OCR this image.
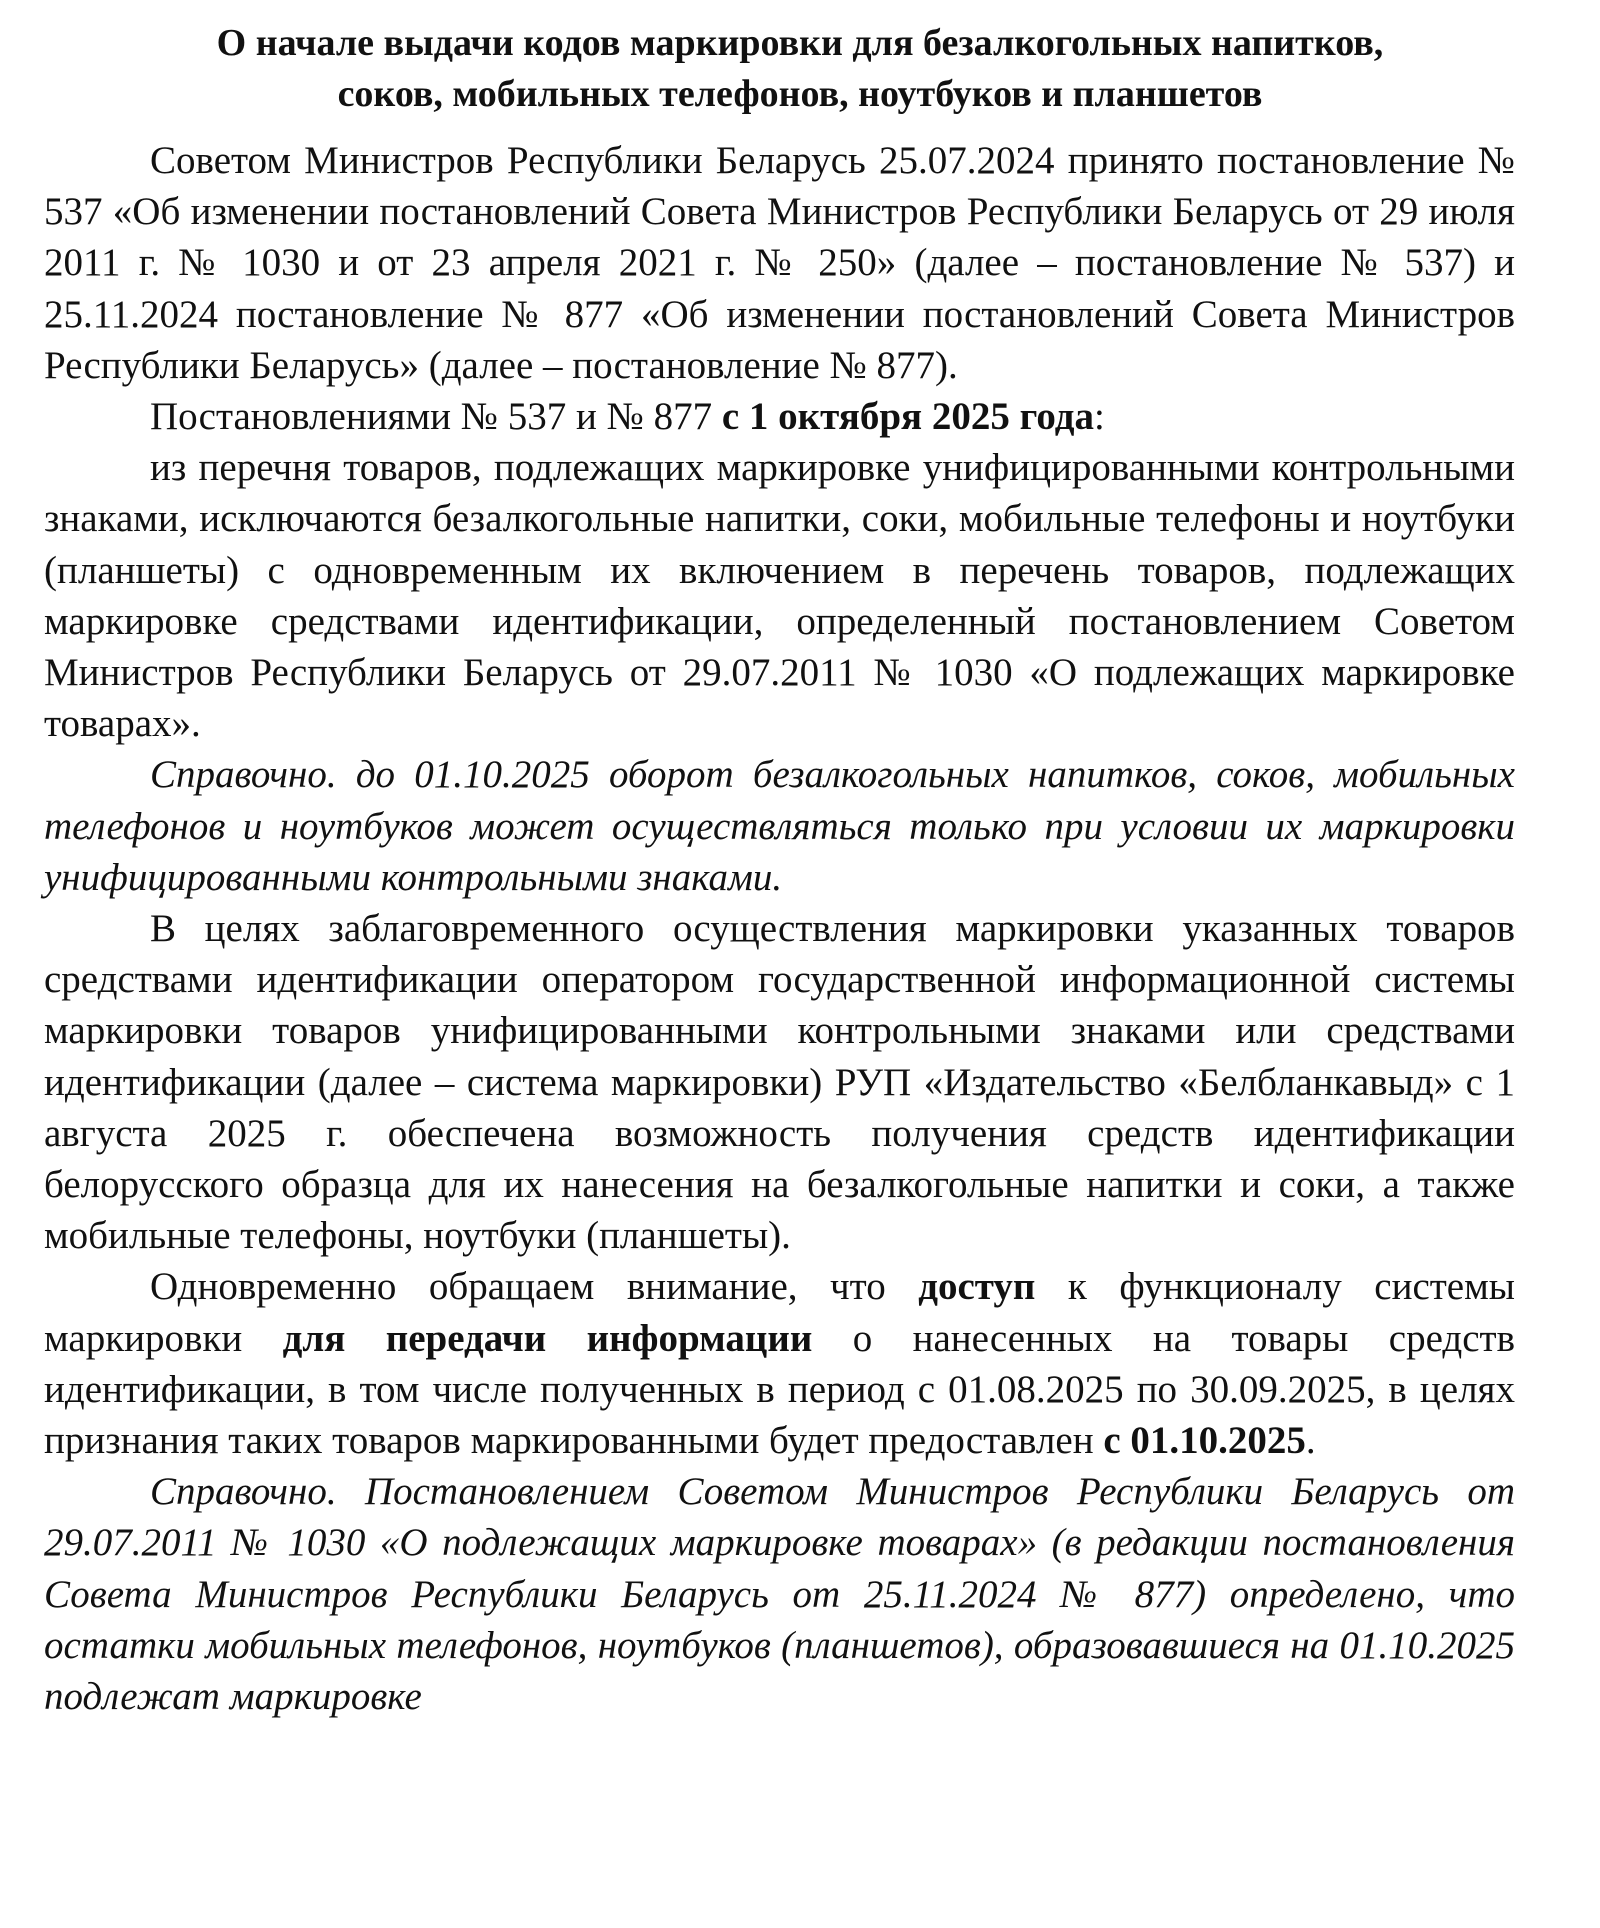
О начале выдачи кодов маркировки для безалкогольных напитков,
соков, мобильных телефонов, ноутбуков и планшетов

Советом Министров Республики Беларусь 25.07.2024 принято постановление № 537 «Об изменении постановлений Совета Министров Республики Беларусь от 29 июля 2011 г. № 1030 и от 23 апреля 2021 г. № 250» (далее – постановление № 537) и 25.11.2024 постановление № 877 «Об изменении постановлений Совета Министров Республики Беларусь» (далее – постановление № 877).

Постановлениями № 537 и № 877 с 1 октября 2025 года:

из перечня товаров, подлежащих маркировке унифицированными контрольными знаками, исключаются безалкогольные напитки, соки, мобильные телефоны и ноутбуки (планшеты) с одновременным их включением в перечень товаров, подлежащих маркировке средствами идентификации, определенный постановлением Советом Министров Республики Беларусь от 29.07.2011 № 1030 «О подлежащих маркировке товарах».

Справочно. до 01.10.2025 оборот безалкогольных напитков, соков, мобильных телефонов и ноутбуков может осуществляться только при условии их маркировки унифицированными контрольными знаками.

В целях заблаговременного осуществления маркировки указанных товаров средствами идентификации оператором государственной информационной системы маркировки товаров унифицированными контрольными знаками или средствами идентификации (далее – система маркировки) РУП «Издательство «Белбланкавыд» с 1 августа 2025 г. обеспечена возможность получения средств идентификации белорусского образца для их нанесения на безалкогольные напитки и соки, а также мобильные телефоны, ноутбуки (планшеты).

Одновременно обращаем внимание, что доступ к функционалу системы маркировки для передачи информации о нанесенных на товары средств идентификации, в том числе полученных в период с 01.08.2025 по 30.09.2025, в целях признания таких товаров маркированными будет предоставлен с 01.10.2025.

Справочно. Постановлением Советом Министров Республики Беларусь от 29.07.2011 № 1030 «О подлежащих маркировке товарах» (в редакции постановления Совета Министров Республики Беларусь от 25.11.2024 № 877) определено, что остатки мобильных телефонов, ноутбуков (планшетов), образовавшиеся на 01.10.2025 подлежат маркировке
